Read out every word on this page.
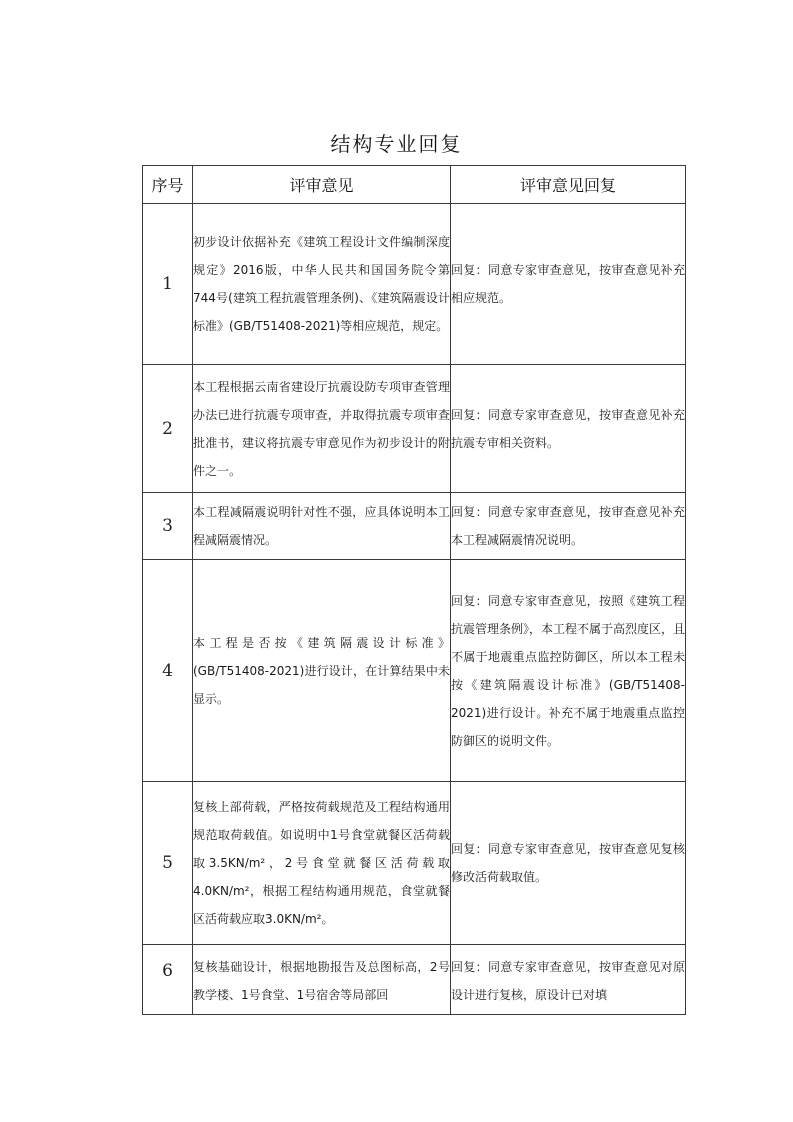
结构专业回复
序号	评审意见	评审意见回复
1	初步设计依据补充《建筑工程设计文件编制深度规定》2016版，中华人民共和国国务院令第744号(建筑工程抗震管理条例)、《建筑隔震设计标准》(GB/T51408-2021)等相应规范，规定。	回复：同意专家审查意见，按审查意见补充相应规范。
2	本工程根据云南省建设厅抗震设防专项审查管理办法已进行抗震专项审查，并取得抗震专项审查批准书，建议将抗震专审意见作为初步设计的附件之一。	回复：同意专家审查意见，按审查意见补充抗震专审相关资料。
3	本工程减隔震说明针对性不强，应具体说明本工程减隔震情况。	回复：同意专家审查意见，按审查意见补充本工程减隔震情况说明。
4	本工程是否按《建筑隔震设计标准》(GB/T51408-2021)进行设计，在计算结果中未显示。	回复：同意专家审查意见，按照《建筑工程抗震管理条例》，本工程不属于高烈度区，且不属于地震重点监控防御区，所以本工程未按《建筑隔震设计标准》(GB/T51408-2021)进行设计。补充不属于地震重点监控防御区的说明文件。
5	复核上部荷载，严格按荷载规范及工程结构通用规范取荷载值。如说明中1号食堂就餐区活荷载取3.5KN/m²，2号食堂就餐区活荷载取4.0KN/m²，根据工程结构通用规范，食堂就餐区活荷载应取3.0KN/m²。	回复：同意专家审查意见，按审查意见复核修改活荷载取值。
6	复核基础设计，根据地勘报告及总图标高，2号教学楼、1号食堂、1号宿舍等局部回	回复：同意专家审查意见，按审查意见对原设计进行复核，原设计已对填
